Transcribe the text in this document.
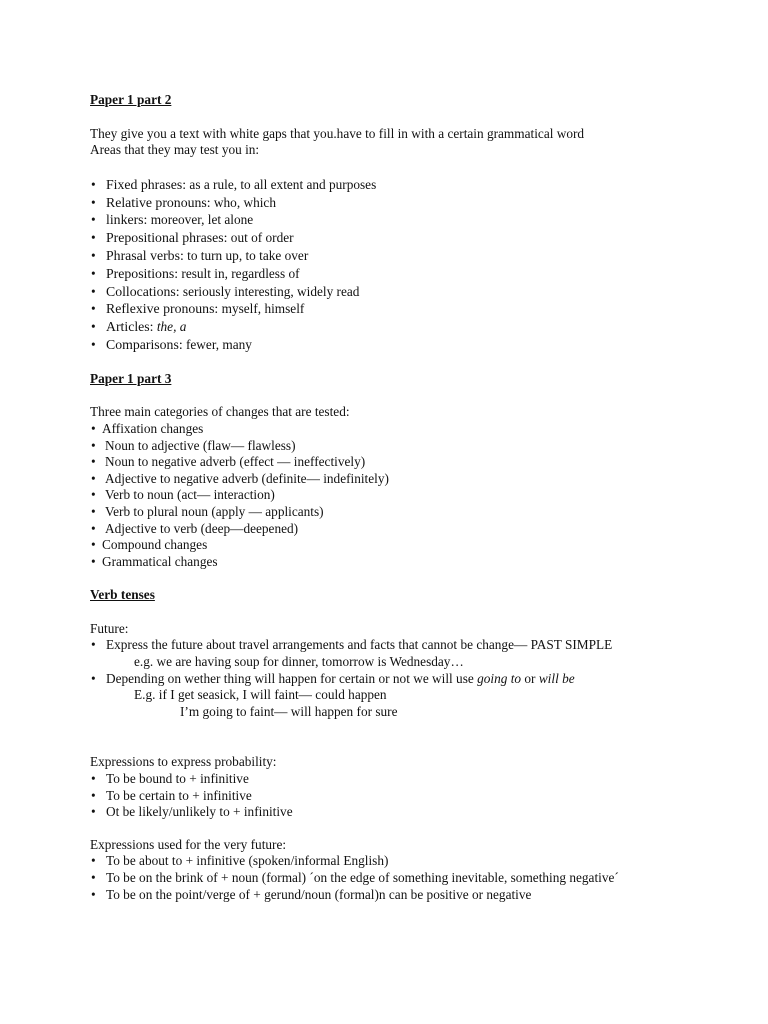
Paper 1 part 2

They give you a text with white gaps that you.have to fill in with a certain grammatical word

Areas that they may test you in:

• Fixed phrases: as a rule, to all extent and purposes
• Relative pronouns: who, which
• linkers: moreover, let alone
• Prepositional phrases: out of order
• Phrasal verbs: to turn up, to take over
• Prepositions: result in, regardless of
• Collocations: seriously interesting, widely read
• Reflexive pronouns: myself, himself
• Articles: the, a
• Comparisons: fewer, many

Paper 1 part 3

Three main categories of changes that are tested:

• Affixation changes
• Noun to adjective (flaw— flawless)
• Noun to negative adverb (effect — ineffectively)
• Adjective to negative adverb (definite— indefinitely)
• Verb to noun (act— interaction)
• Verb to plural noun (apply — applicants)
• Adjective to verb (deep—deepened)
• Compound changes
• Grammatical changes

Verb tenses

Future:

• Express the future about travel arrangements and facts that cannot be change— PAST SIMPLE

e.g. we are having soup for dinner, tomorrow is Wednesday…

• Depending on wether thing will happen for certain or not we will use going to or will be

E.g. if I get seasick, I will faint— could happen

I’m going to faint— will happen for sure

Expressions to express probability:

• To be bound to + infinitive
• To be certain to + infinitive
• Ot be likely/unlikely to + infinitive

Expressions used for the very future:

• To be about to + infinitive (spoken/informal English)
• To be on the brink of + noun (formal) ´on the edge of something inevitable, something negative´
• To be on the point/verge of + gerund/noun (formal)n can be positive or negative
